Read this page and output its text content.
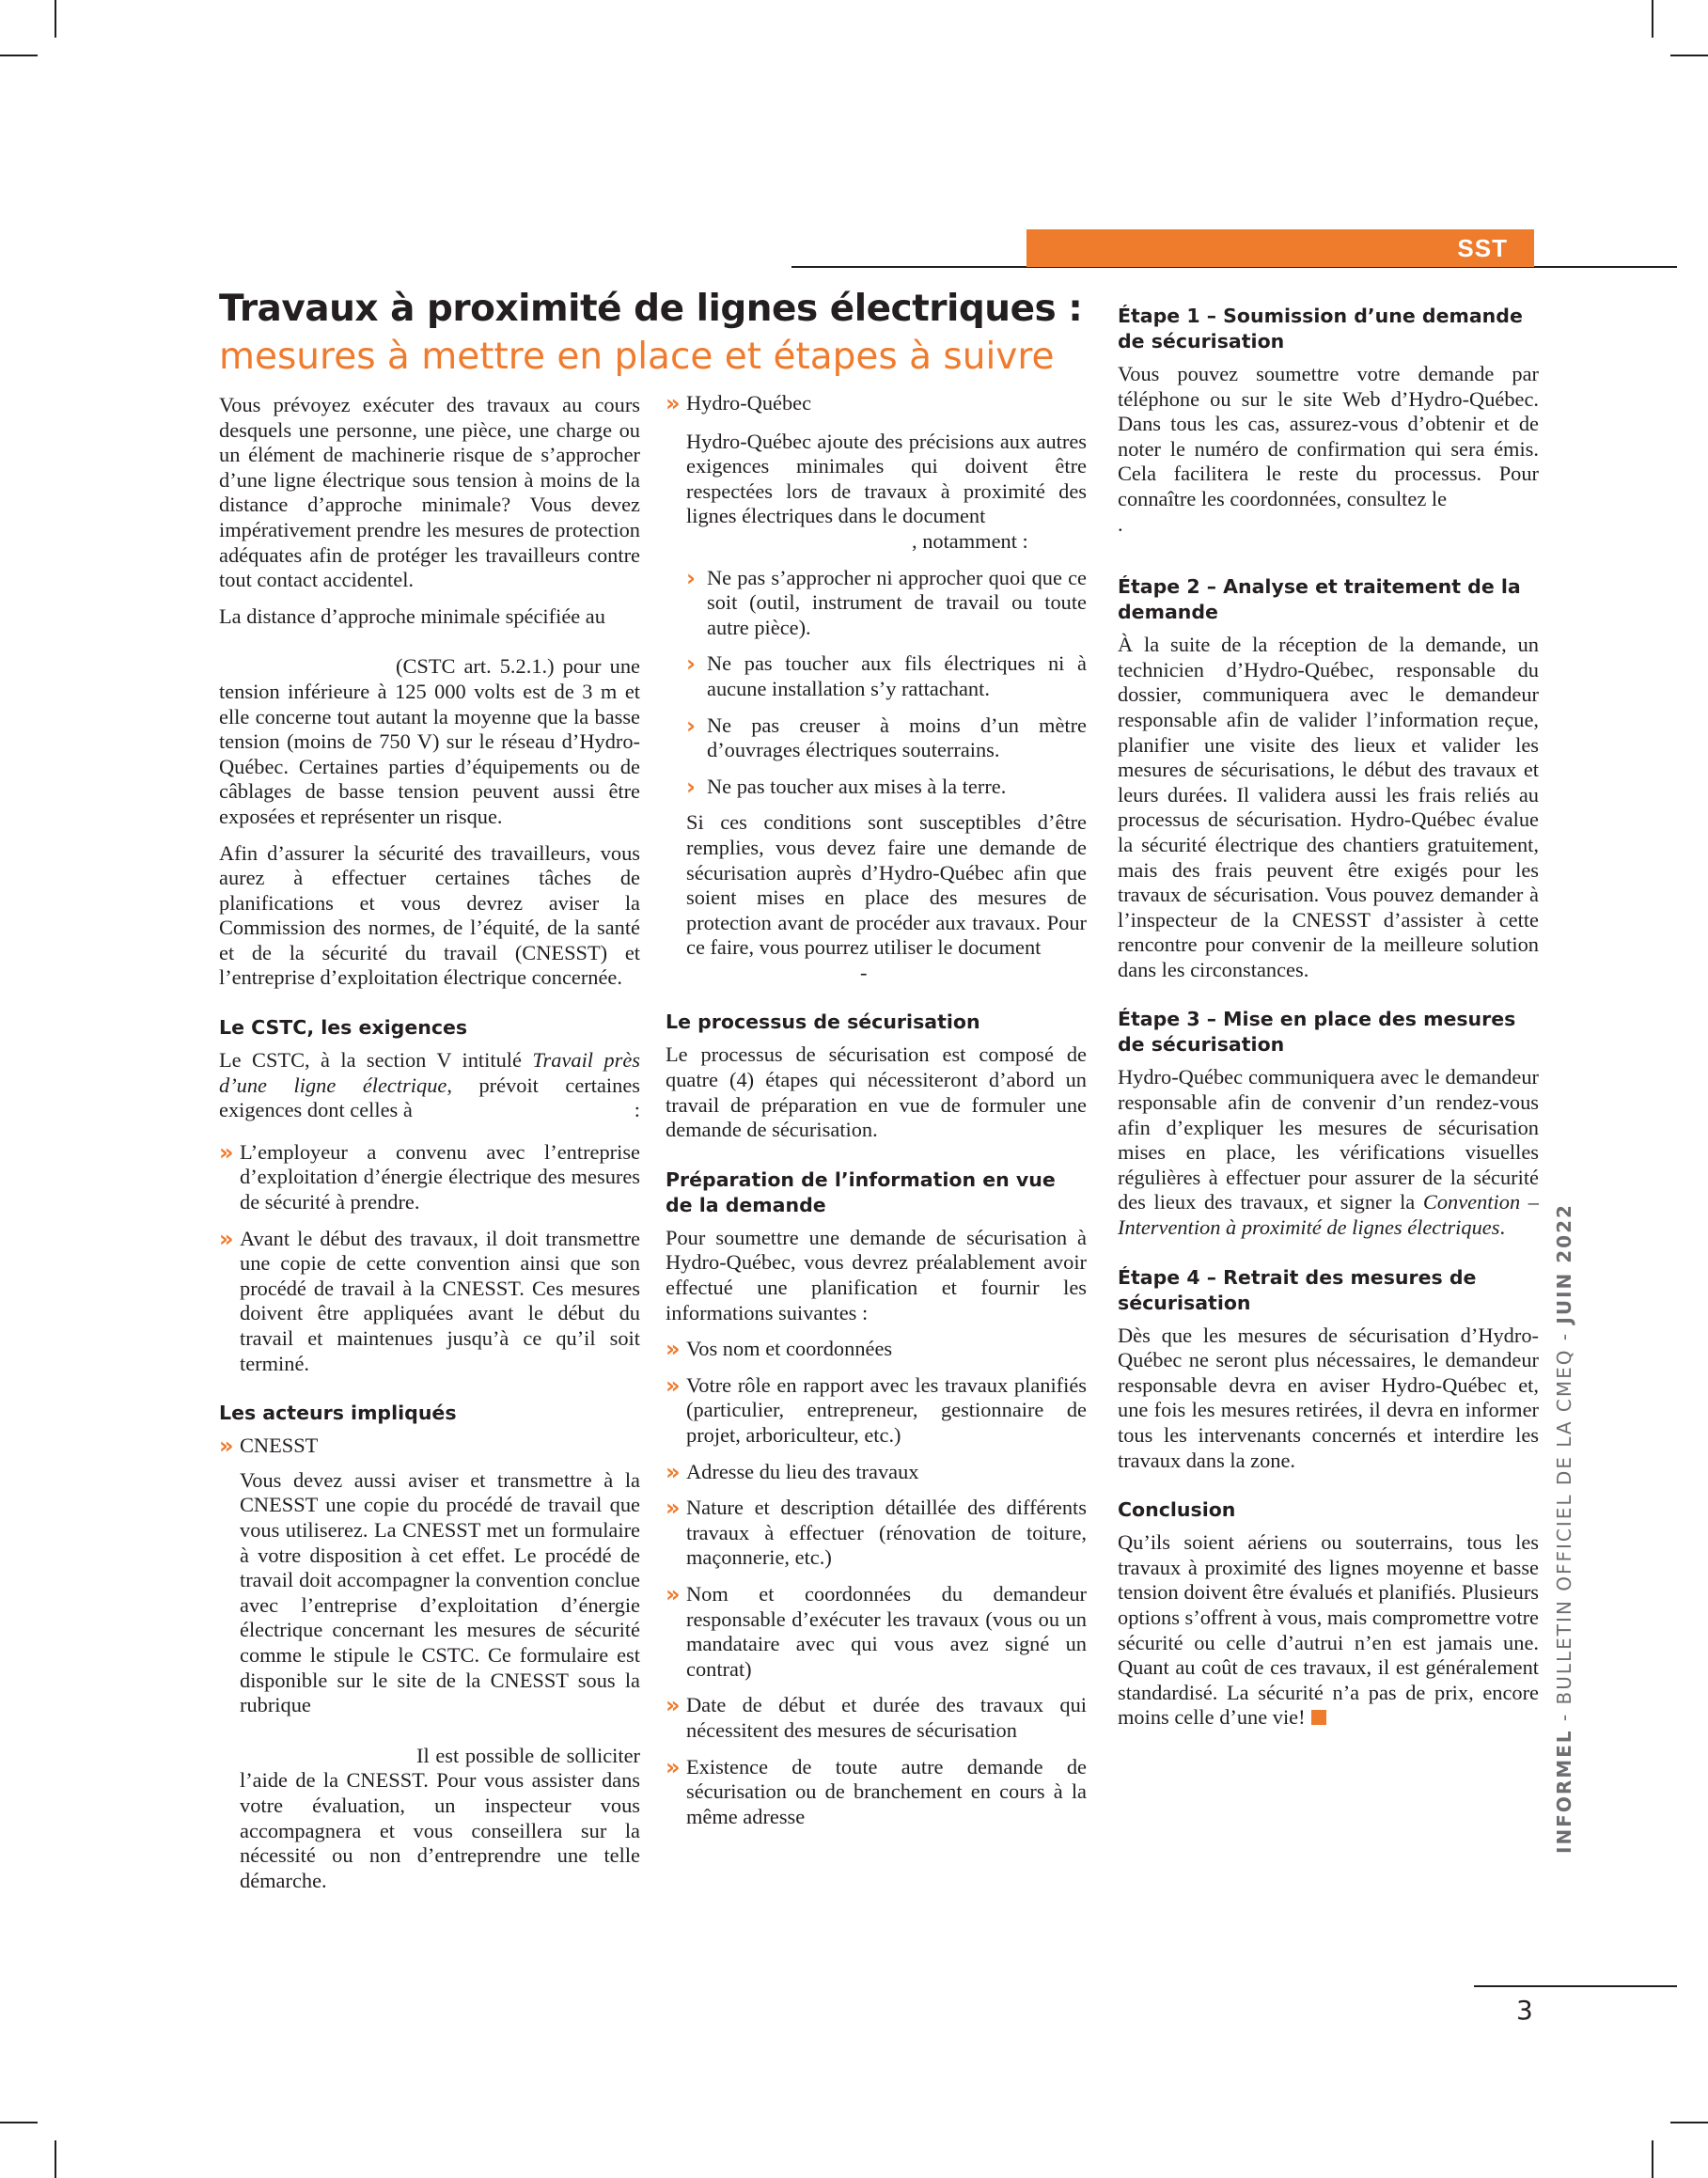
SST
Travaux à proximité de lignes électriques :
mesures à mettre en place et étapes à suivre

Vous prévoyez exécuter des travaux au cours desquels une personne, une pièce, une charge ou un élément de machinerie risque de s’approcher d’une ligne électrique sous tension à moins de la distance d’approche minimale? Vous devez impérativement prendre les mesures de protection adéquates afin de protéger les travailleurs contre tout contact accidentel.

La distance d’approche minimale spécifiée au
(CSTC art. 5.2.1.) pour une tension inférieure à 125 000 volts est de 3 m et elle concerne tout autant la moyenne que la basse tension (moins de 750 V) sur le réseau d’Hydro-Québec. Certaines parties d’équipements ou de câblages de basse tension peuvent aussi être exposées et représenter un risque.

Afin d’assurer la sécurité des travailleurs, vous aurez à effectuer certaines tâches de planifications et vous devrez aviser la Commission des normes, de l’équité, de la santé et de la sécurité du travail (CNESST) et l’entreprise d’exploitation électrique concernée.

Le CSTC, les exigences

Le CSTC, à la section V intitulé Travail près d’une ligne électrique, prévoit certaines exigences dont celles à	:

» L’employeur a convenu avec l’entreprise d’exploitation d’énergie électrique des mesures de sécurité à prendre.
» Avant le début des travaux, il doit transmettre une copie de cette convention ainsi que son procédé de travail à la CNESST. Ces mesures doivent être appliquées avant le début du travail et maintenues jusqu’à ce qu’il soit terminé.
Les acteurs impliqués
» CNESST

Vous devez aussi aviser et transmettre à la CNESST une copie du procédé de travail que vous utiliserez. La CNESST met un formulaire à votre disposition à cet effet. Le procédé de travail doit accompagner la convention conclue avec l’entreprise d’exploitation d’énergie électrique concernant les mesures de sécurité comme le stipule le CSTC. Ce formulaire est disponible sur le site de la CNESST sous la rubrique
Il est possible de solliciter l’aide de la CNESST. Pour vous assister dans votre évaluation, un inspecteur vous accompagnera et vous conseillera sur la nécessité ou non d’entreprendre une telle démarche.

» Hydro-Québec

Hydro-Québec ajoute des précisions aux autres exigences minimales qui doivent être respectées lors de travaux à proximité des lignes électriques dans le document
, notamment :

› Ne pas s’approcher ni approcher quoi que ce soit (outil, instrument de travail ou toute autre pièce).
› Ne pas toucher aux fils électriques ni à aucune installation s’y rattachant.
› Ne pas creuser à moins d’un mètre d’ouvrages électriques souterrains.
› Ne pas toucher aux mises à la terre.

Si ces conditions sont susceptibles d’être remplies, vous devez faire une demande de sécurisation auprès d’Hydro-Québec afin que soient mises en place des mesures de protection avant de procéder aux travaux. Pour ce faire, vous pourrez utiliser le document
-

Le processus de sécurisation

Le processus de sécurisation est composé de quatre (4) étapes qui nécessiteront d’abord un travail de préparation en vue de formuler une demande de sécurisation.

Préparation de l’information en vue de la demande

Pour soumettre une demande de sécurisation à Hydro-Québec, vous devrez préalablement avoir effectué une planification et fournir les informations suivantes :

» Vos nom et coordonnées
» Votre rôle en rapport avec les travaux planifiés (particulier, entrepreneur, gestionnaire de projet, arboriculteur, etc.)
» Adresse du lieu des travaux
» Nature et description détaillée des différents travaux à effectuer (rénovation de toiture, maçonnerie, etc.)
» Nom et coordonnées du demandeur responsable d’exécuter les travaux (vous ou un mandataire avec qui vous avez signé un contrat)
» Date de début et durée des travaux qui nécessitent des mesures de sécurisation
» Existence de toute autre demande de sécurisation ou de branchement en cours à la même adresse
Étape 1 – Soumission d’une demande de sécurisation

Vous pouvez soumettre votre demande par téléphone ou sur le site Web d’Hydro-Québec. Dans tous les cas, assurez-vous d’obtenir et de noter le numéro de confirmation qui sera émis. Cela facilitera le reste du processus. Pour connaître les coordonnées, consultez le
.

Étape 2 – Analyse et traitement de la demande

À la suite de la réception de la demande, un technicien d’Hydro-Québec, responsable du dossier, communiquera avec le demandeur responsable afin de valider l’information reçue, planifier une visite des lieux et valider les mesures de sécurisations, le début des travaux et leurs durées. Il validera aussi les frais reliés au processus de sécurisation. Hydro-Québec évalue la sécurité électrique des chantiers gratuitement, mais des frais peuvent être exigés pour les travaux de sécurisation. Vous pouvez demander à l’inspecteur de la CNESST d’assister à cette rencontre pour convenir de la meilleure solution dans les circonstances.

Étape 3 – Mise en place des mesures de sécurisation

Hydro-Québec communiquera avec le demandeur responsable afin de convenir d’un rendez-vous afin d’expliquer les mesures de sécurisation mises en place, les vérifications visuelles régulières à effectuer pour assurer de la sécurité des lieux des travaux, et signer la Convention – Intervention à proximité de lignes électriques.

Étape 4 – Retrait des mesures de sécurisation

Dès que les mesures de sécurisation d’Hydro-Québec ne seront plus nécessaires, le demandeur responsable devra en aviser Hydro-Québec et, une fois les mesures retirées, il devra en informer tous les intervenants concernés et interdire les travaux dans la zone.

Conclusion

Qu’ils soient aériens ou souterrains, tous les travaux à proximité des lignes moyenne et basse tension doivent être évalués et planifiés. Plusieurs options s’offrent à vous, mais compromettre votre sécurité ou celle d’autrui n’en est jamais une. Quant au coût de ces travaux, il est généralement standardisé. La sécurité n’a pas de prix, encore moins celle d’une vie!

INFORMEL - BULLETIN OFFICIEL DE LA CMEQ - JUIN 2022
3
